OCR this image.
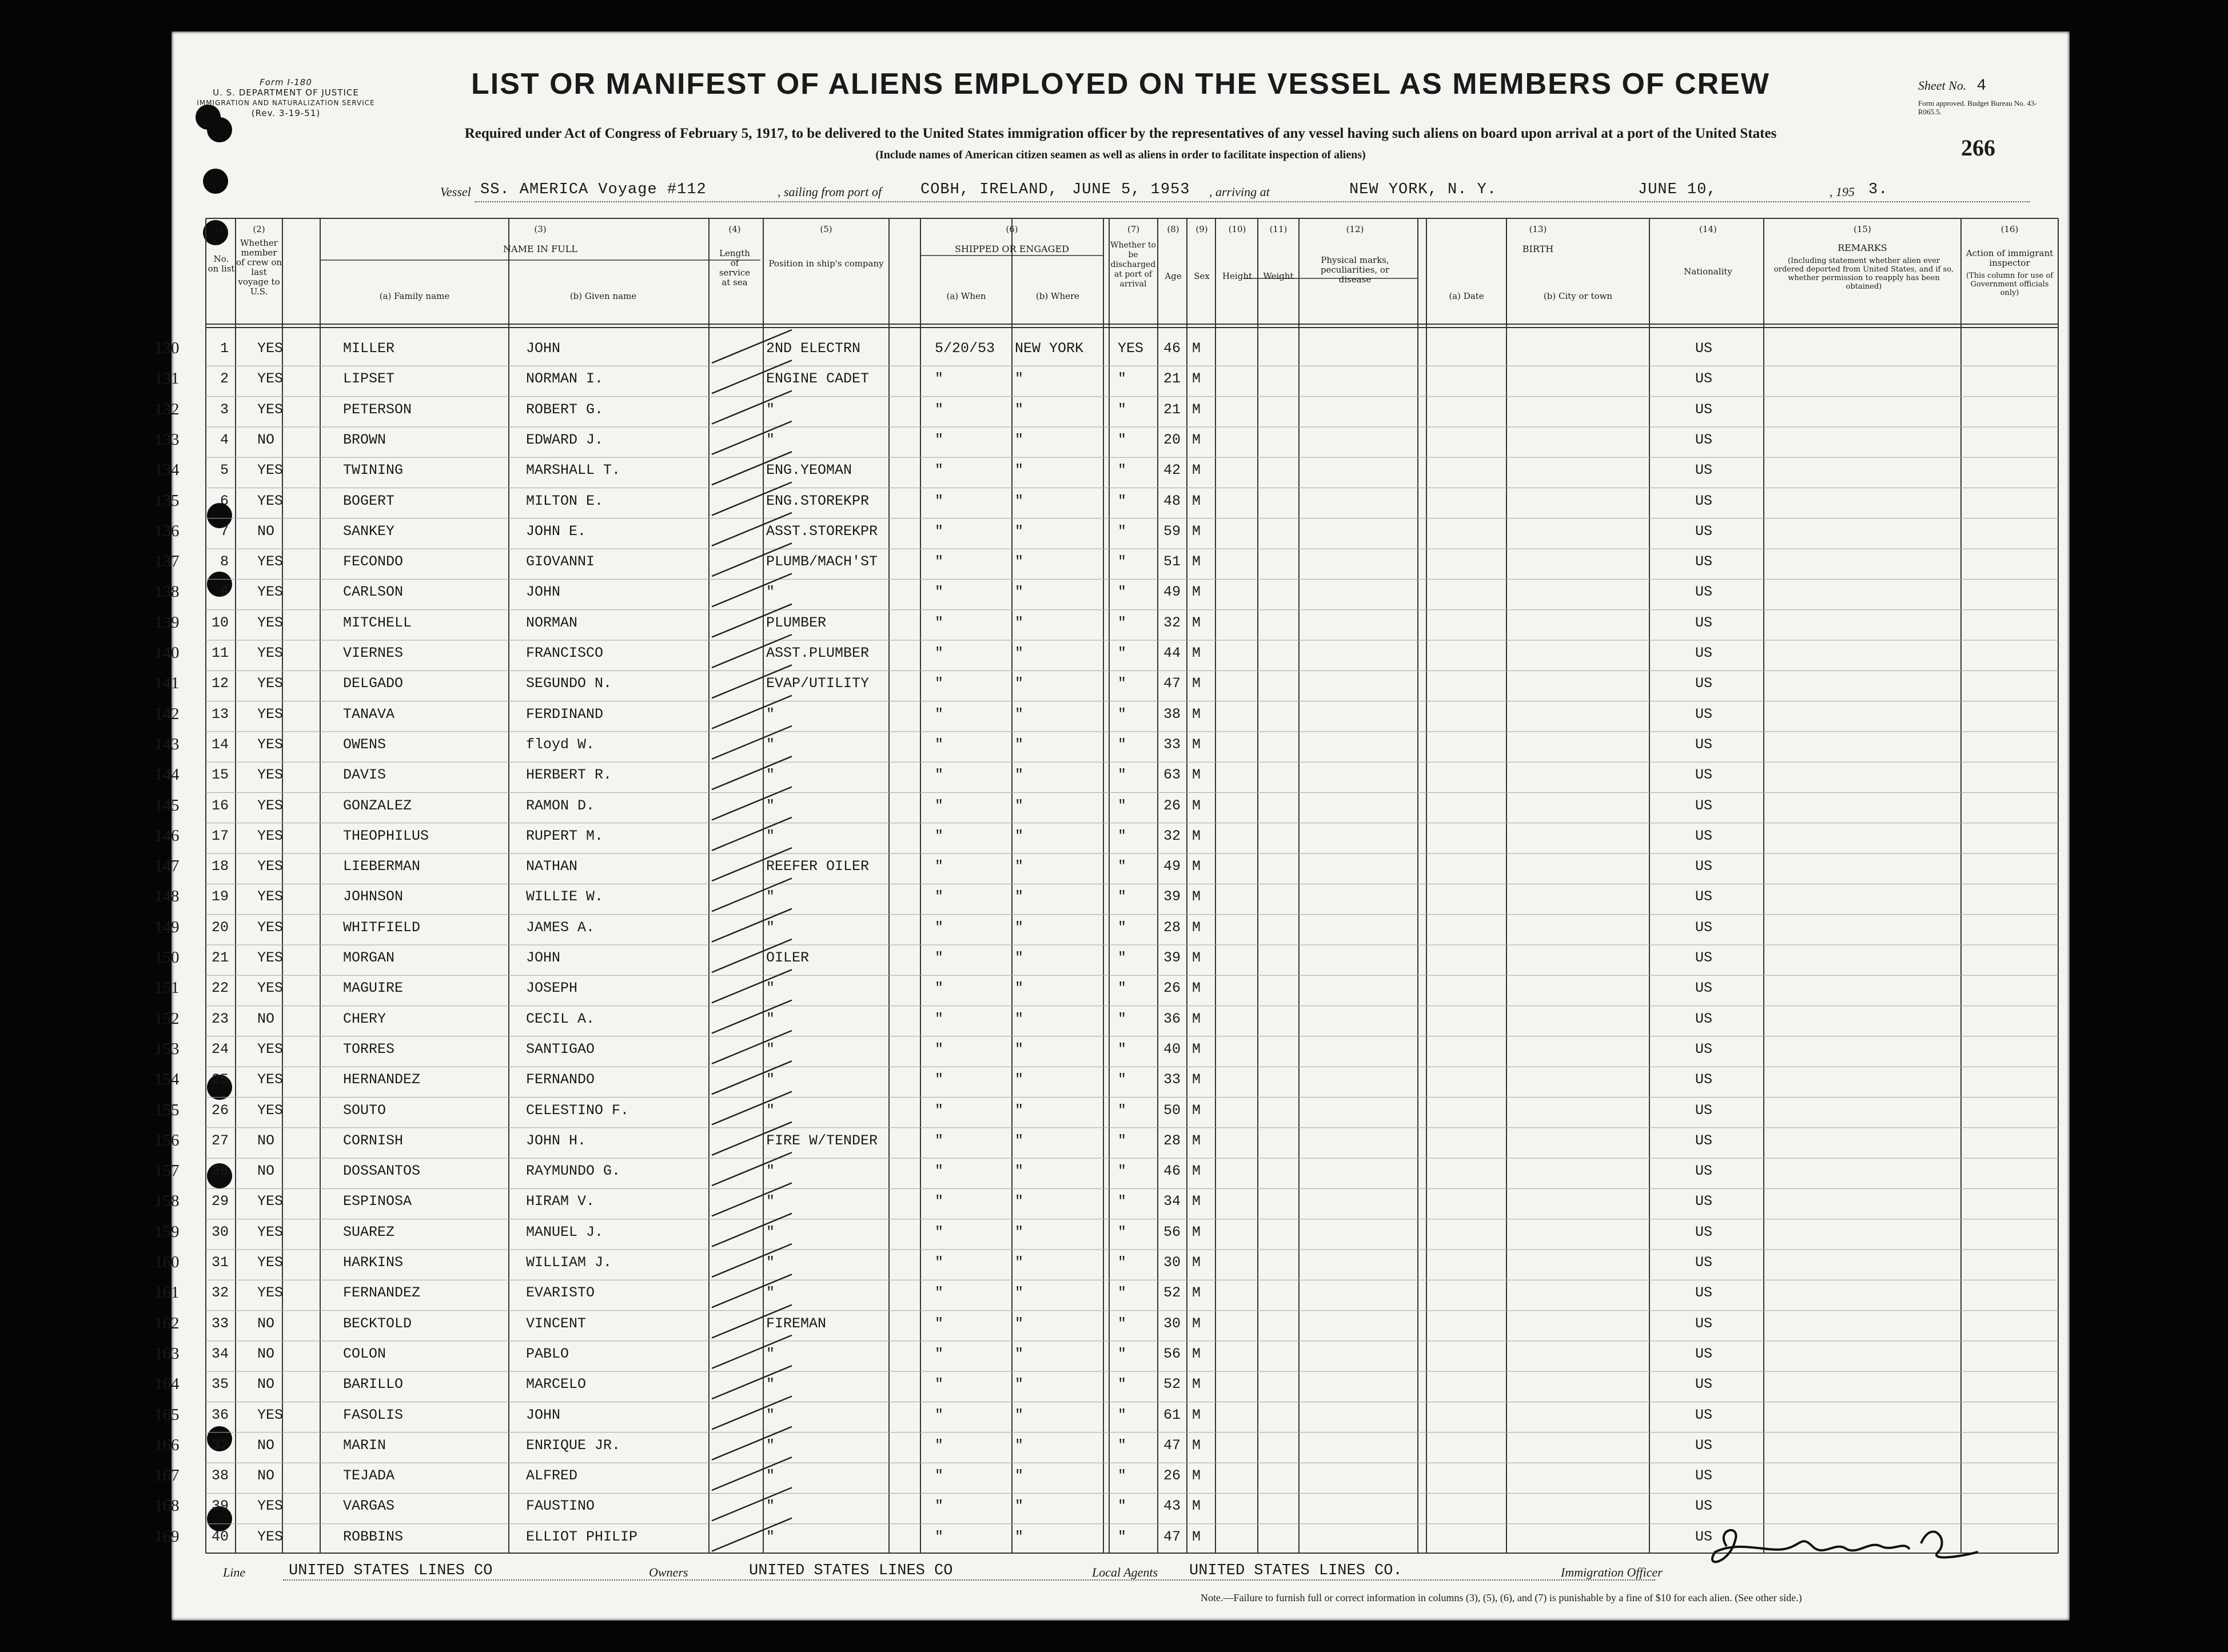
Form I-180
U. S. DEPARTMENT OF JUSTICE
IMMIGRATION AND NATURALIZATION SERVICE
(Rev. 3-19-51)
LIST OR MANIFEST OF ALIENS EMPLOYED ON THE VESSEL AS MEMBERS OF CREW
Required under Act of Congress of February 5, 1917, to be delivered to the United States immigration officer by the representatives of any vessel having such aliens on board upon arrival at a port of the United States
(Include names of American citizen seamen as well as aliens in order to facilitate inspection of aliens)
Sheet No. 4
Form approved. Budget Bureau No. 43-R065.5.
266
Vessel SS. AMERICA Voyage #112	, sailing from port of	COBH, IRELAND, JUNE 5, 1953 , arriving at	NEW YORK, N. Y.	JUNE 10,	, 195 3.
(1)
No. on list
(2)
Whether member of crew on last voyage to U.S.
(3)
NAME IN FULL
(a) Family name	(b) Given name
(4)
Length of service at sea
(5)
Position in ship's company
(6)
SHIPPED OR ENGAGED
(a) When	(b) Where
(7)
Whether to be discharged at port of arrival
(8)
Age
(9)
Sex
(10)
Height
(11)
Weight
(12)
Physical marks, peculiarities, or disease
(13)
BIRTH
(a) Date	(b) City or town
(14)
Nationality
(15)
REMARKS
(Including statement whether alien ever ordered deported from United States, and if so, whether permission to reapply has been obtained)
(16)
Action of immigrant inspector
(This column for use of Government officials only)
130	1 YES	MILLER	JOHN	2ND ELECTRN	5/20/53 NEW YORK YES 46 M	US
131	2 YES	LIPSET	NORMAN I.	ENGINE CADET	"	"	"	21 M	US
132	3 YES	PETERSON	ROBERT G.	"	"	"	"	21 M	US
133	4 NO	BROWN	EDWARD J.	"	"	"	"	20 M	US
134	5 YES	TWINING	MARSHALL T.	ENG.YEOMAN	"	"	"	42 M	US
135	6 YES	BOGERT	MILTON E.	ENG.STOREKPR	"	"	"	48 M	US
136	7 NO	SANKEY	JOHN E.	ASST.STOREKPR	"	"	"	59 M	US
137	8 YES	FECONDO	GIOVANNI	PLUMB/MACH'ST	"	"	"	51 M	US
138	9 YES	CARLSON	JOHN	"	"	"	"	49 M	US
139 10 YES	MITCHELL	NORMAN	PLUMBER	"	"	"	32 M	US
140 11 YES	VIERNES	FRANCISCO	ASST.PLUMBER	"	"	"	44 M	US
141 12 YES	DELGADO	SEGUNDO N.	EVAP/UTILITY	"	"	"	47 M	US
142 13 YES	TANAVA	FERDINAND	"	"	"	"	38 M	US
143 14 YES	OWENS	floyd W.	"	"	"	"	33 M	US
144 15 YES	DAVIS	HERBERT R.	"	"	"	"	63 M	US
145 16 YES	GONZALEZ	RAMON D.	"	"	"	"	26 M	US
146 17 YES	THEOPHILUS	RUPERT M.	"	"	"	"	32 M	US
147 18 YES	LIEBERMAN	NATHAN	REEFER OILER	"	"	"	49 M	US
148 19 YES	JOHNSON	WILLIE W.	"	"	"	"	39 M	US
149 20 YES	WHITFIELD	JAMES A.	"	"	"	"	28 M	US
150 21 YES	MORGAN	JOHN	OILER	"	"	"	39 M	US
151 22 YES	MAGUIRE	JOSEPH	"	"	"	"	26 M	US
152 23 NO	CHERY	CECIL A.	"	"	"	"	36 M	US
153 24 YES	TORRES	SANTIGAO	"	"	"	"	40 M	US
154 25 YES	HERNANDEZ	FERNANDO	"	"	"	"	33 M	US
155 26 YES	SOUTO	CELESTINO F.	"	"	"	"	50 M	US
156 27 NO	CORNISH	JOHN H.	FIRE W/TENDER	"	"	"	28 M	US
157 28 NO	DOSSANTOS	RAYMUNDO G.	"	"	"	"	46 M	US
158 29 YES	ESPINOSA	HIRAM V.	"	"	"	"	34 M	US
159 30 YES	SUAREZ	MANUEL J.	"	"	"	"	56 M	US
160 31 YES	HARKINS	WILLIAM J.	"	"	"	"	30 M	US
161 32 YES	FERNANDEZ	EVARISTO	"	"	"	"	52 M	US
162 33 NO	BECKTOLD	VINCENT	FIREMAN	"	"	"	30 M	US
163 34 NO	COLON	PABLO	"	"	"	"	56 M	US
164 35 NO	BARILLO	MARCELO	"	"	"	"	52 M	US
165 36 YES	FASOLIS	JOHN	"	"	"	"	61 M	US
166 37 NO	MARIN	ENRIQUE JR.	"	"	"	"	47 M	US
167 38 NO	TEJADA	ALFRED	"	"	"	"	26 M	US
168 39 YES	VARGAS	FAUSTINO	"	"	"	"	43 M	US
169 40 YES	ROBBINS	ELLIOT PHILIP	"	"	"	"	47 M	US
Line	UNITED STATES LINES CO	Owners	UNITED STATES LINES CO	Local Agents UNITED STATES LINES CO.	Immigration Officer
Note.—Failure to furnish full or correct information in columns (3), (5), (6), and (7) is punishable by a fine of $10 for each alien. (See other side.)
